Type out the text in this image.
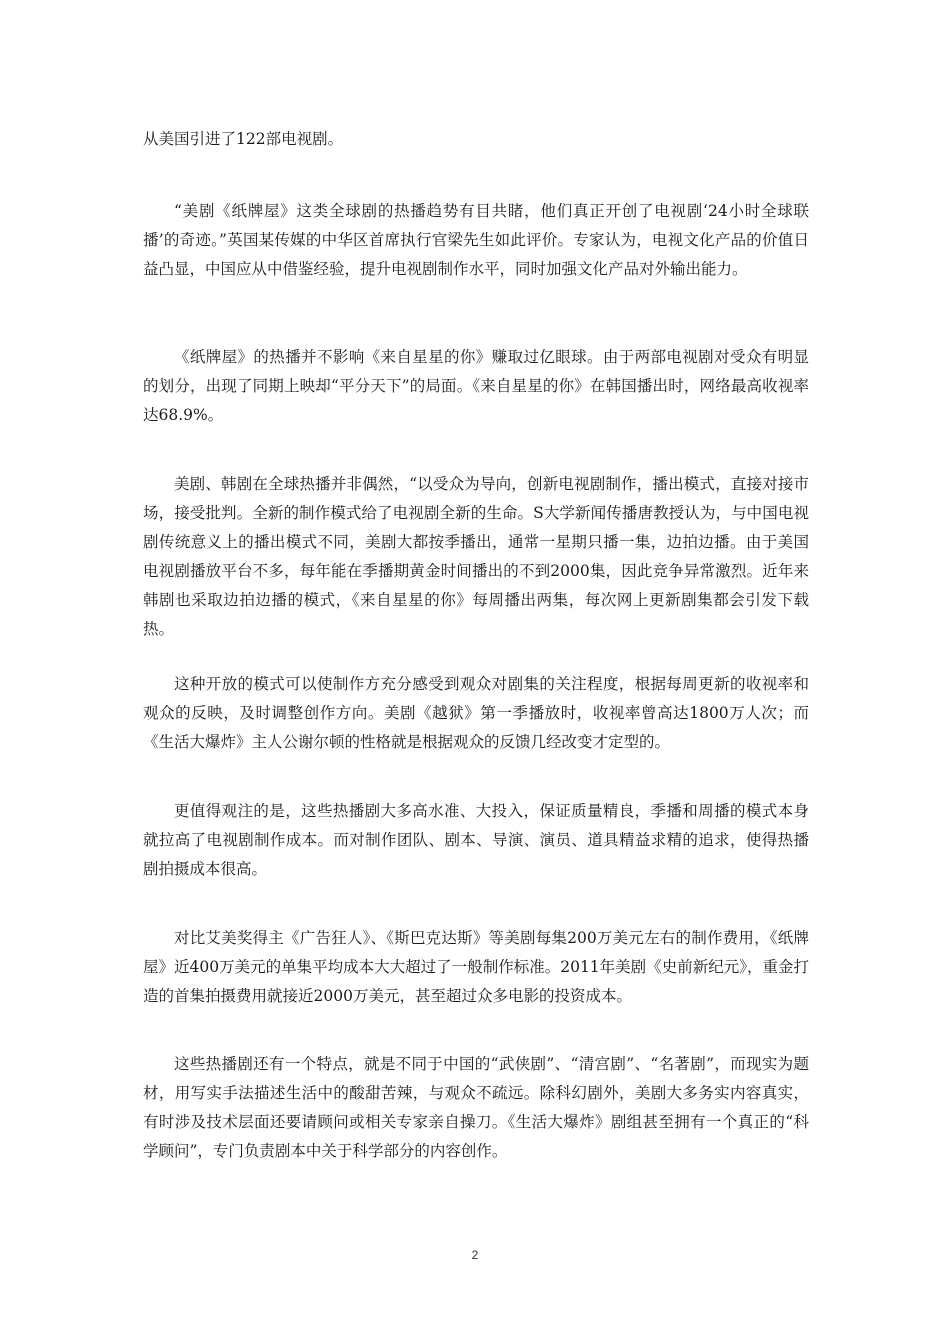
从美国引进了122部电视剧。

“美剧《纸牌屋》这类全球剧的热播趋势有目共睹，他们真正开创了电视剧‘24小时全球联播’的奇迹。”英国某传媒的中华区首席执行官梁先生如此评价。专家认为，电视文化产品的价值日益凸显，中国应从中借鉴经验，提升电视剧制作水平，同时加强文化产品对外输出能力。

《纸牌屋》的热播并不影响《来自星星的你》赚取过亿眼球。由于两部电视剧对受众有明显的划分，出现了同期上映却“平分天下”的局面。《来自星星的你》在韩国播出时，网络最高收视率达68.9%。

美剧、韩剧在全球热播并非偶然，“以受众为导向，创新电视剧制作，播出模式，直接对接市场，接受批判。全新的制作模式给了电视剧全新的生命。S大学新闻传播唐教授认为，与中国电视剧传统意义上的播出模式不同，美剧大都按季播出，通常一星期只播一集，边拍边播。由于美国电视剧播放平台不多，每年能在季播期黄金时间播出的不到2000集，因此竞争异常激烈。近年来韩剧也采取边拍边播的模式，《来自星星的你》每周播出两集，每次网上更新剧集都会引发下载热。

这种开放的模式可以使制作方充分感受到观众对剧集的关注程度，根据每周更新的收视率和观众的反映，及时调整创作方向。美剧《越狱》第一季播放时，收视率曾高达1800万人次；而《生活大爆炸》主人公谢尔顿的性格就是根据观众的反馈几经改变才定型的。

更值得观注的是，这些热播剧大多高水准、大投入，保证质量精良，季播和周播的模式本身就拉高了电视剧制作成本。而对制作团队、剧本、导演、演员、道具精益求精的追求，使得热播剧拍摄成本很高。

对比艾美奖得主《广告狂人》、《斯巴克达斯》等美剧每集200万美元左右的制作费用，《纸牌屋》近400万美元的单集平均成本大大超过了一般制作标准。2011年美剧《史前新纪元》，重金打造的首集拍摄费用就接近2000万美元，甚至超过众多电影的投资成本。

这些热播剧还有一个特点，就是不同于中国的“武侠剧”、“清宫剧”、“名著剧”，而现实为题材，用写实手法描述生活中的酸甜苦辣，与观众不疏远。除科幻剧外，美剧大多务实内容真实，有时涉及技术层面还要请顾问或相关专家亲自操刀。《生活大爆炸》剧组甚至拥有一个真正的“科学顾问”，专门负责剧本中关于科学部分的内容创作。

2
